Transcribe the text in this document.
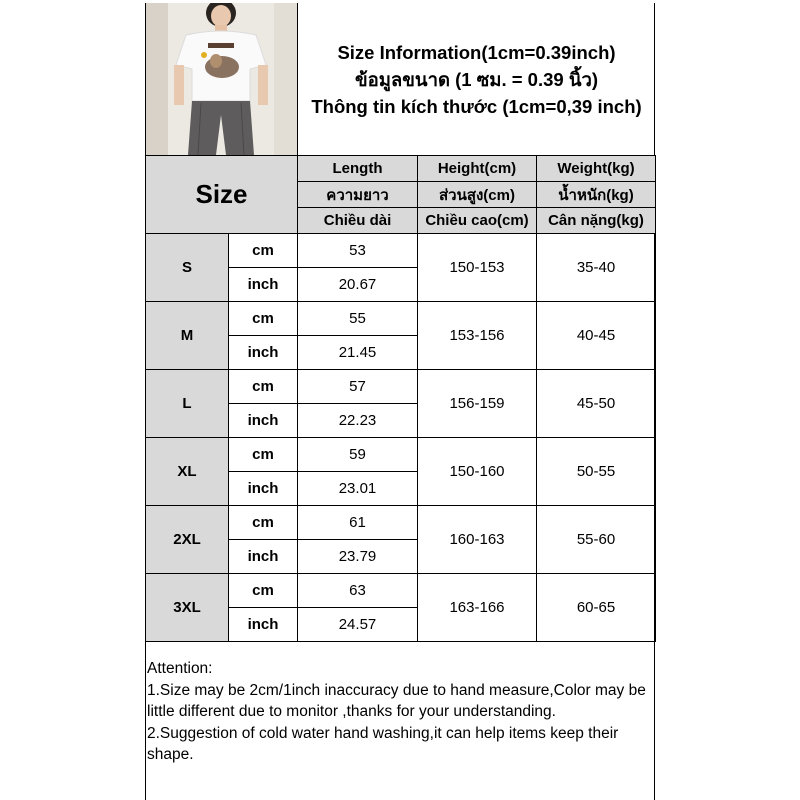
Size Information(1cm=0.39inch)
ข้อมูลขนาด (1 ซม. = 0.39 นิ้ว)
Thông tin kích thước (1cm=0,39 inch)
Size		Length	Height(cm)	Weight(kg)
		ความยาว	ส่วนสูง(cm)	น้ำหนัก(kg)
		Chiều dài	Chiều cao(cm)	Cân nặng(kg)
S	cm	53	150-153	35-40
	inch	20.67		
M	cm	55	153-156	40-45
	inch	21.45		
L	cm	57	156-159	45-50
	inch	22.23		
XL	cm	59	150-160	50-55
	inch	23.01		
2XL	cm	61	160-163	55-60
	inch	23.79		
3XL	cm	63	163-166	60-65
	inch	24.57		
Attention:
1.Size may be 2cm/1inch inaccuracy due to hand measure,Color may be little different due to monitor ,thanks for your understanding.
2.Suggestion of cold water hand washing,it can help items keep their shape.
